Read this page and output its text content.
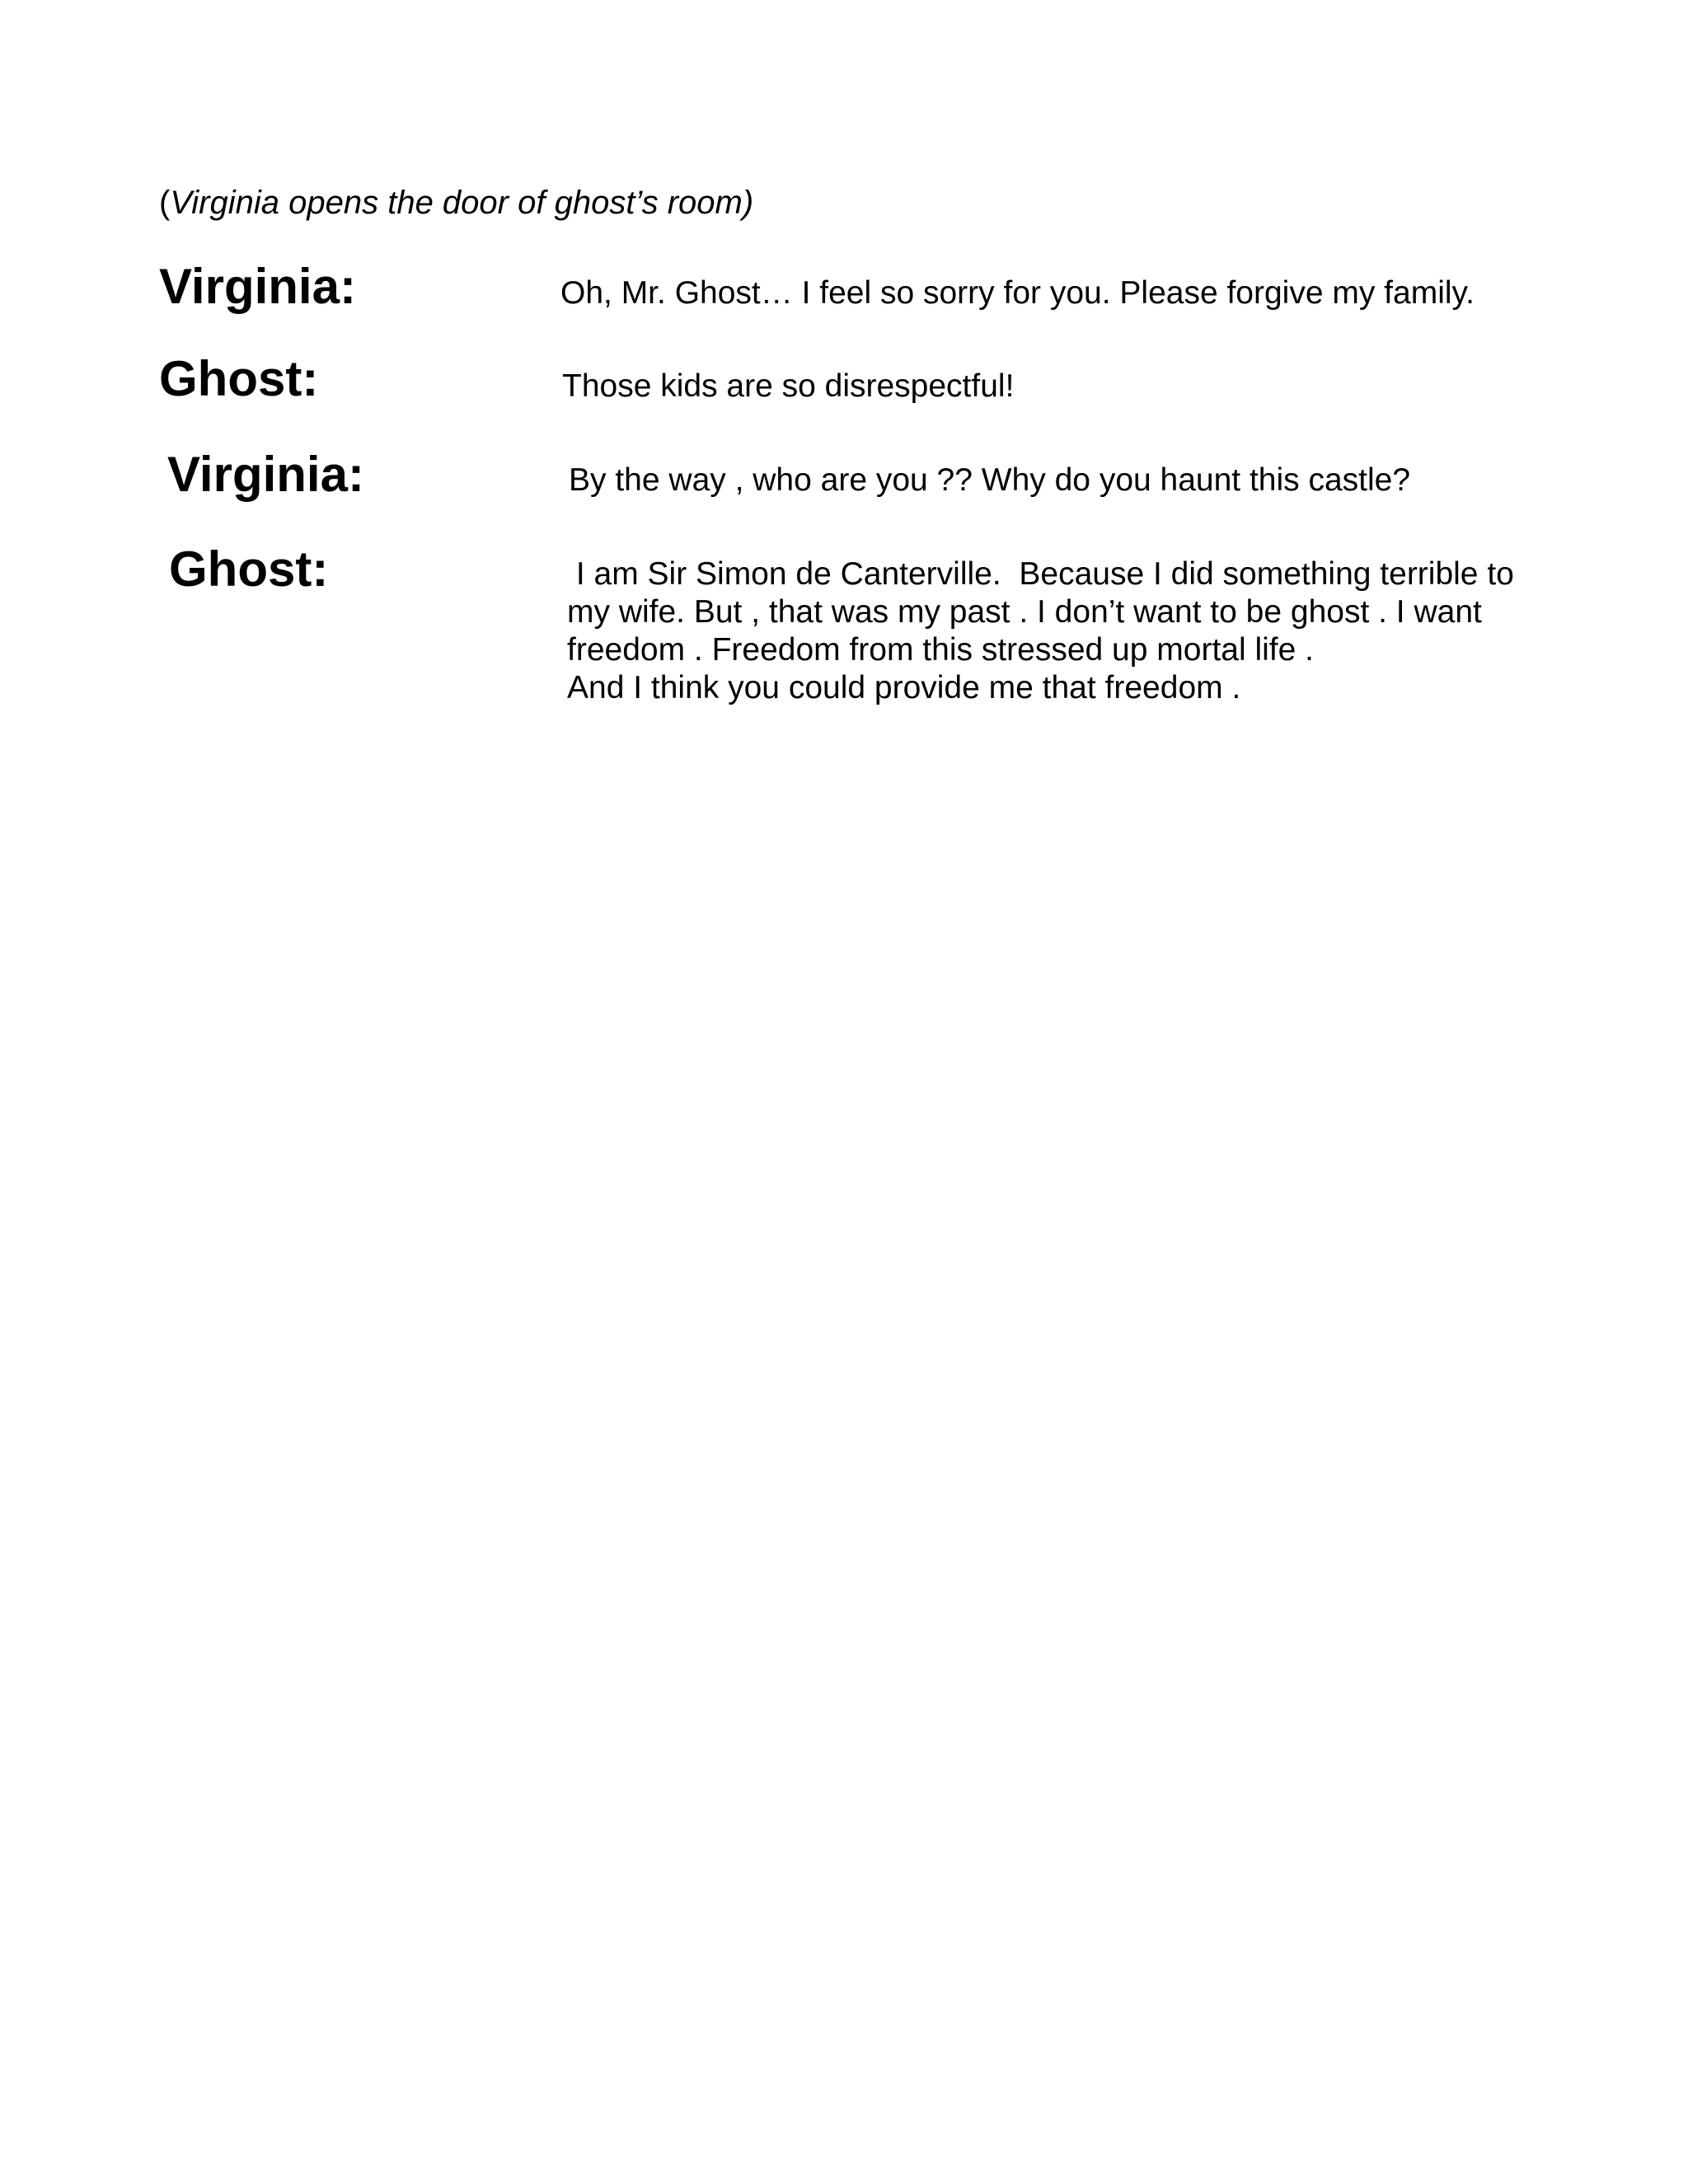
(Virginia opens the door of ghost’s room)
Virginia:	Oh, Mr. Ghost… I feel so sorry for you. Please forgive my family.
Ghost:	Those kids are so disrespectful!
Virginia:	By the way , who are you ?? Why do you haunt this castle?
Ghost:	I am Sir Simon de Canterville.  Because I did something terrible to
my wife. But , that was my past . I don’t want to be ghost . I want
freedom . Freedom from this stressed up mortal life .
And I think you could provide me that freedom .
